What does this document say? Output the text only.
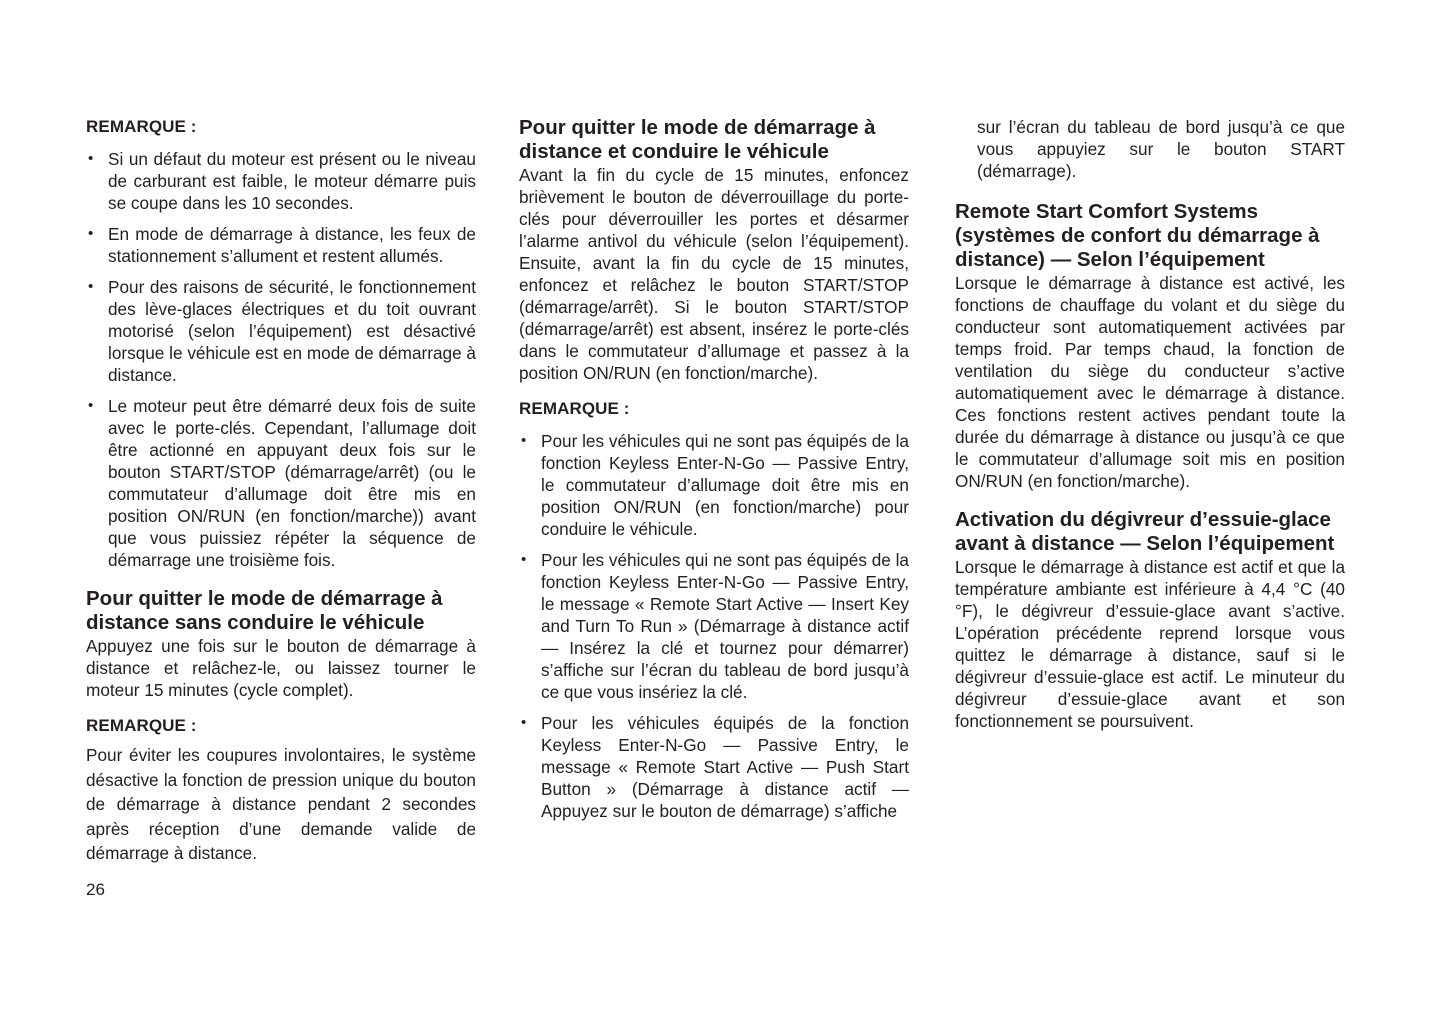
REMARQUE :
• Si un défaut du moteur est présent ou le niveau de carburant est faible, le moteur démarre puis se coupe dans les 10 secondes.
• En mode de démarrage à distance, les feux de stationnement s’allument et restent allumés.
• Pour des raisons de sécurité, le fonctionnement des lève-glaces électriques et du toit ouvrant motorisé (selon l’équipement) est désactivé lorsque le véhicule est en mode de démarrage à distance.
• Le moteur peut être démarré deux fois de suite avec le porte-clés. Cependant, l’allumage doit être actionné en appuyant deux fois sur le bouton START/STOP (démarrage/arrêt) (ou le commutateur d’allumage doit être mis en position ON/RUN (en fonction/marche)) avant que vous puissiez répéter la séquence de démarrage une troisième fois.
Pour quitter le mode de démarrage à distance sans conduire le véhicule

Appuyez une fois sur le bouton de démarrage à distance et relâchez-le, ou laissez tourner le moteur 15 minutes (cycle complet).

REMARQUE :

Pour éviter les coupures involontaires, le système désactive la fonction de pression unique du bouton de démarrage à distance pendant 2 secondes après réception d’une demande valide de démarrage à distance.

Pour quitter le mode de démarrage à distance et conduire le véhicule

Avant la fin du cycle de 15 minutes, enfoncez brièvement le bouton de déverrouillage du porte-clés pour déverrouiller les portes et désarmer l’alarme antivol du véhicule (selon l’équipement). Ensuite, avant la fin du cycle de 15 minutes, enfoncez et relâchez le bouton START/STOP (démarrage/arrêt). Si le bouton START/STOP (démarrage/arrêt) est absent, insérez le porte-clés dans le commutateur d’allumage et passez à la position ON/RUN (en fonction/marche).

REMARQUE :
• Pour les véhicules qui ne sont pas équipés de la fonction Keyless Enter-N-Go — Passive Entry, le commutateur d’allumage doit être mis en position ON/RUN (en fonction/marche) pour conduire le véhicule.
• Pour les véhicules qui ne sont pas équipés de la fonction Keyless Enter-N-Go — Passive Entry, le message « Remote Start Active — Insert Key and Turn To Run » (Démarrage à distance actif — Insérez la clé et tournez pour démarrer) s’affiche sur l’écran du tableau de bord jusqu’à ce que vous insériez la clé.
• Pour les véhicules équipés de la fonction Keyless Enter-N-Go — Passive Entry, le message « Remote Start Active — Push Start Button » (Démarrage à distance actif — Appuyez sur le bouton de démarrage) s’affiche

sur l’écran du tableau de bord jusqu’à ce que vous appuyiez sur le bouton START (démarrage).

Remote Start Comfort Systems (systèmes de confort du démarrage à distance) — Selon l’équipement

Lorsque le démarrage à distance est activé, les fonctions de chauffage du volant et du siège du conducteur sont automatiquement activées par temps froid. Par temps chaud, la fonction de ventilation du siège du conducteur s’active automatiquement avec le démarrage à distance. Ces fonctions restent actives pendant toute la durée du démarrage à distance ou jusqu’à ce que le commutateur d’allumage soit mis en position ON/RUN (en fonction/marche).

Activation du dégivreur d’essuie-glace avant à distance — Selon l’équipement

Lorsque le démarrage à distance est actif et que la température ambiante est inférieure à 4,4 °C (40 °F), le dégivreur d’essuie-glace avant s’active. L’opération précédente reprend lorsque vous quittez le démarrage à distance, sauf si le dégivreur d’essuie-glace est actif. Le minuteur du dégivreur d’essuie-glace avant et son fonctionnement se poursuivent.

26
